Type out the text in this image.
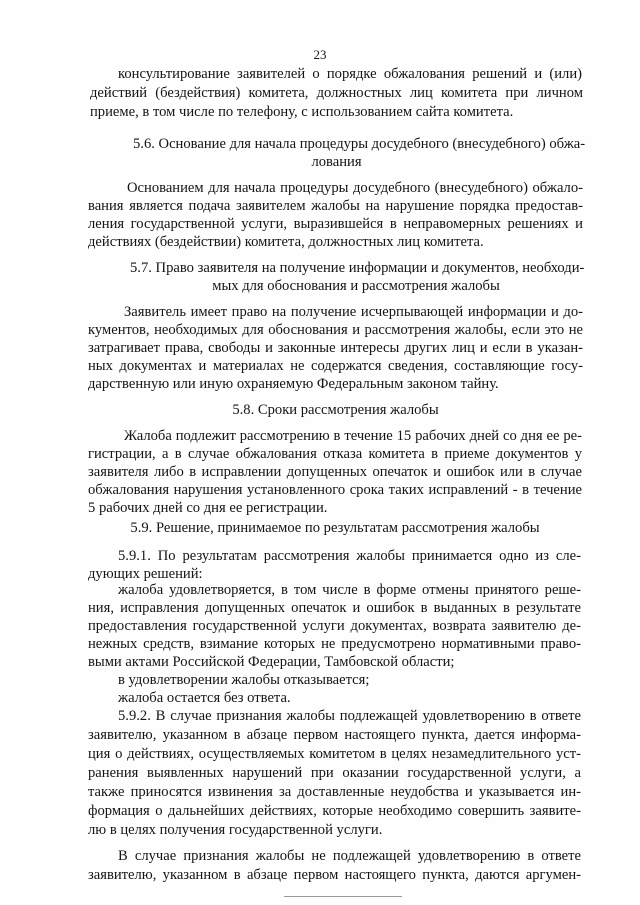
23
консультирование заявителей о порядке обжалования решений и (или)
действий (бездействия) комитета, должностных лиц комитета при личном
приеме, в том числе по телефону, с использованием сайта комитета.
5.6. Основание для начала процедуры досудебного (внесудебного) обжа-
лования
Основанием для начала процедуры досудебного (внесудебного) обжало-
вания является подача заявителем жалобы на нарушение порядка предостав-
ления государственной услуги, выразившейся в неправомерных решениях и
действиях (бездействии) комитета, должностных лиц комитета.
5.7. Право заявителя на получение информации и документов, необходи-
мых для обоснования и рассмотрения жалобы
Заявитель имеет право на получение исчерпывающей информации и до-
кументов, необходимых для обоснования и рассмотрения жалобы, если это не
затрагивает права, свободы и законные интересы других лиц и если в указан-
ных документах и материалах не содержатся сведения, составляющие госу-
дарственную или иную охраняемую Федеральным законом тайну.
5.8. Сроки рассмотрения жалобы
Жалоба подлежит рассмотрению в течение 15 рабочих дней со дня ее ре-
гистрации, а в случае обжалования отказа комитета в приеме документов у
заявителя либо в исправлении допущенных опечаток и ошибок или в случае
обжалования нарушения установленного срока таких исправлений - в течение
5 рабочих дней со дня ее регистрации.
5.9. Решение, принимаемое по результатам рассмотрения жалобы
5.9.1. По результатам рассмотрения жалобы принимается одно из сле-
дующих решений:
жалоба удовлетворяется, в том числе в форме отмены принятого реше-
ния, исправления допущенных опечаток и ошибок в выданных в результате
предоставления государственной услуги документах, возврата заявителю де-
нежных средств, взимание которых не предусмотрено нормативными право-
выми актами Российской Федерации, Тамбовской области;
в удовлетворении жалобы отказывается;
жалоба остается без ответа.
5.9.2. В случае признания жалобы подлежащей удовлетворению в ответе
заявителю, указанном в абзаце первом настоящего пункта, дается информа-
ция о действиях, осуществляемых комитетом в целях незамедлительного уст-
ранения выявленных нарушений при оказании государственной услуги, а
также приносятся извинения за доставленные неудобства и указывается ин-
формация о дальнейших действиях, которые необходимо совершить заявите-
лю в целях получения государственной услуги.
В случае признания жалобы не подлежащей удовлетворению в ответе
заявителю, указанном в абзаце первом настоящего пункта, даются аргумен-
